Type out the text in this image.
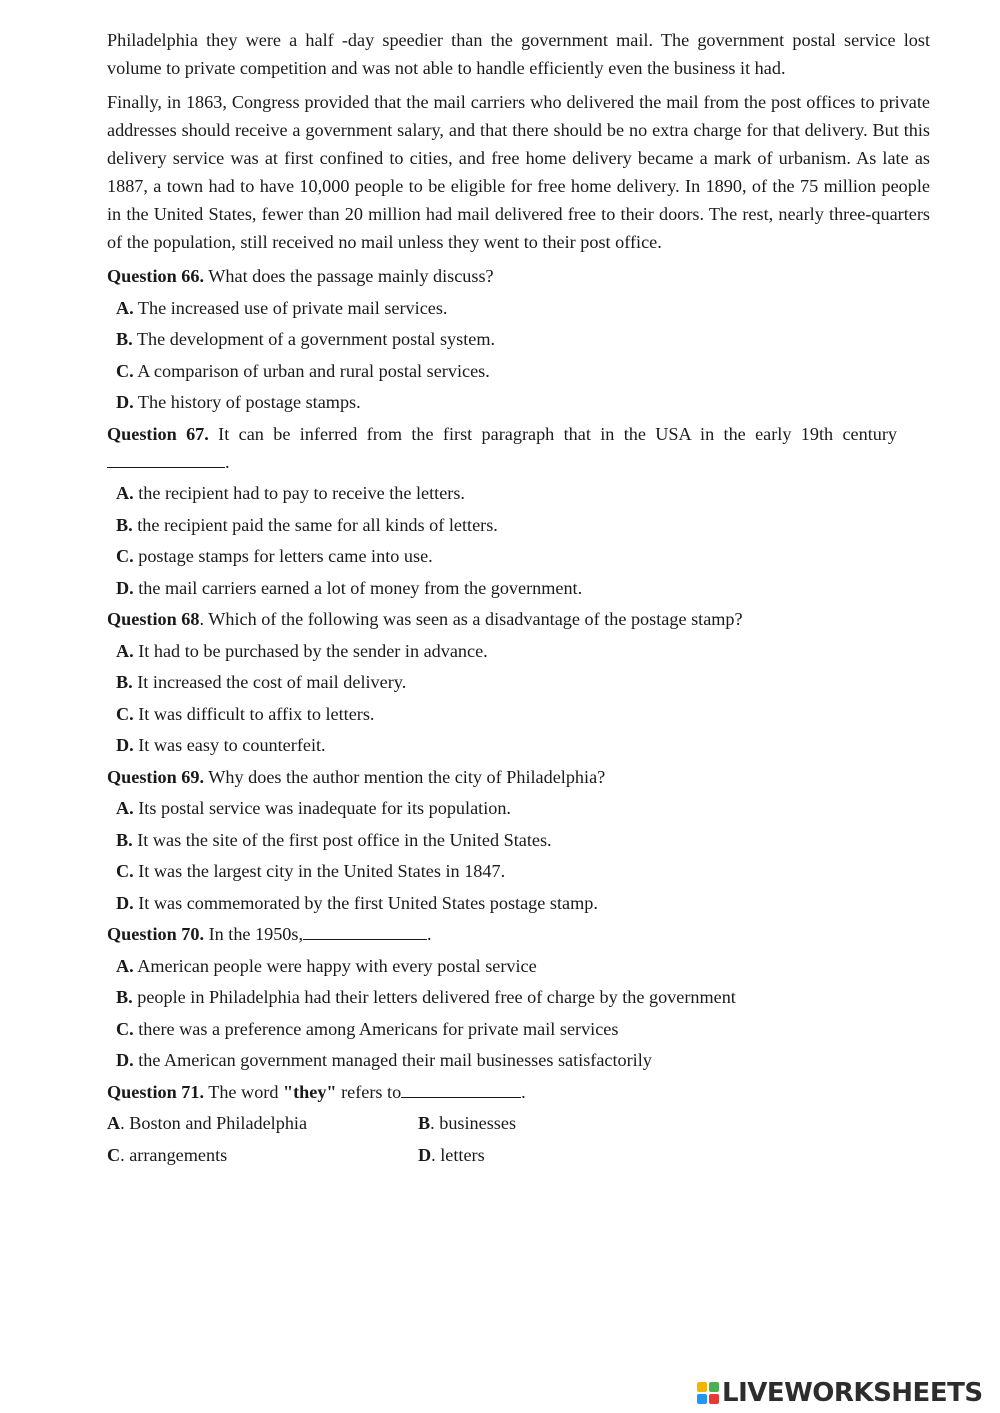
Philadelphia they were a half -day speedier than the government mail. The government postal service lost volume to private competition and was not able to handle efficiently even the business it had.

Finally, in 1863, Congress provided that the mail carriers who delivered the mail from the post offices to private addresses should receive a government salary, and that there should be no extra charge for that delivery. But this delivery service was at first confined to cities, and free home delivery became a mark of urbanism. As late as 1887, a town had to have 10,000 people to be eligible for free home delivery. In 1890, of the 75 million people in the United States, fewer than 20 million had mail delivered free to their doors. The rest, nearly three-quarters of the population, still received no mail unless they went to their post office.

Question 66. What does the passage mainly discuss?

A. The increased use of private mail services.

B. The development of a government postal system.

C. A comparison of urban and rural postal services.

D. The history of postage stamps.

Question 67. It can be inferred from the first paragraph that in the USA in the early 19th century.

A. the recipient had to pay to receive the letters.

B. the recipient paid the same for all kinds of letters.

C. postage stamps for letters came into use.

D. the mail carriers earned a lot of money from the government.

Question 68. Which of the following was seen as a disadvantage of the postage stamp?

A. It had to be purchased by the sender in advance.

B. It increased the cost of mail delivery.

C. It was difficult to affix to letters.

D. It was easy to counterfeit.

Question 69. Why does the author mention the city of Philadelphia?

A. Its postal service was inadequate for its population.

B. It was the site of the first post office in the United States.

C. It was the largest city in the United States in 1847.

D. It was commemorated by the first United States postage stamp.

Question 70. In the 1950s,	.

A. American people were happy with every postal service

B. people in Philadelphia had their letters delivered free of charge by the government

C. there was a preference among Americans for private mail services

D. the American government managed their mail businesses satisfactorily

Question 71. The word "they" refers to	.

A. Boston and Philadelphia	B. businesses
C. arrangements	D. letters
LIVEWORKSHEETS
